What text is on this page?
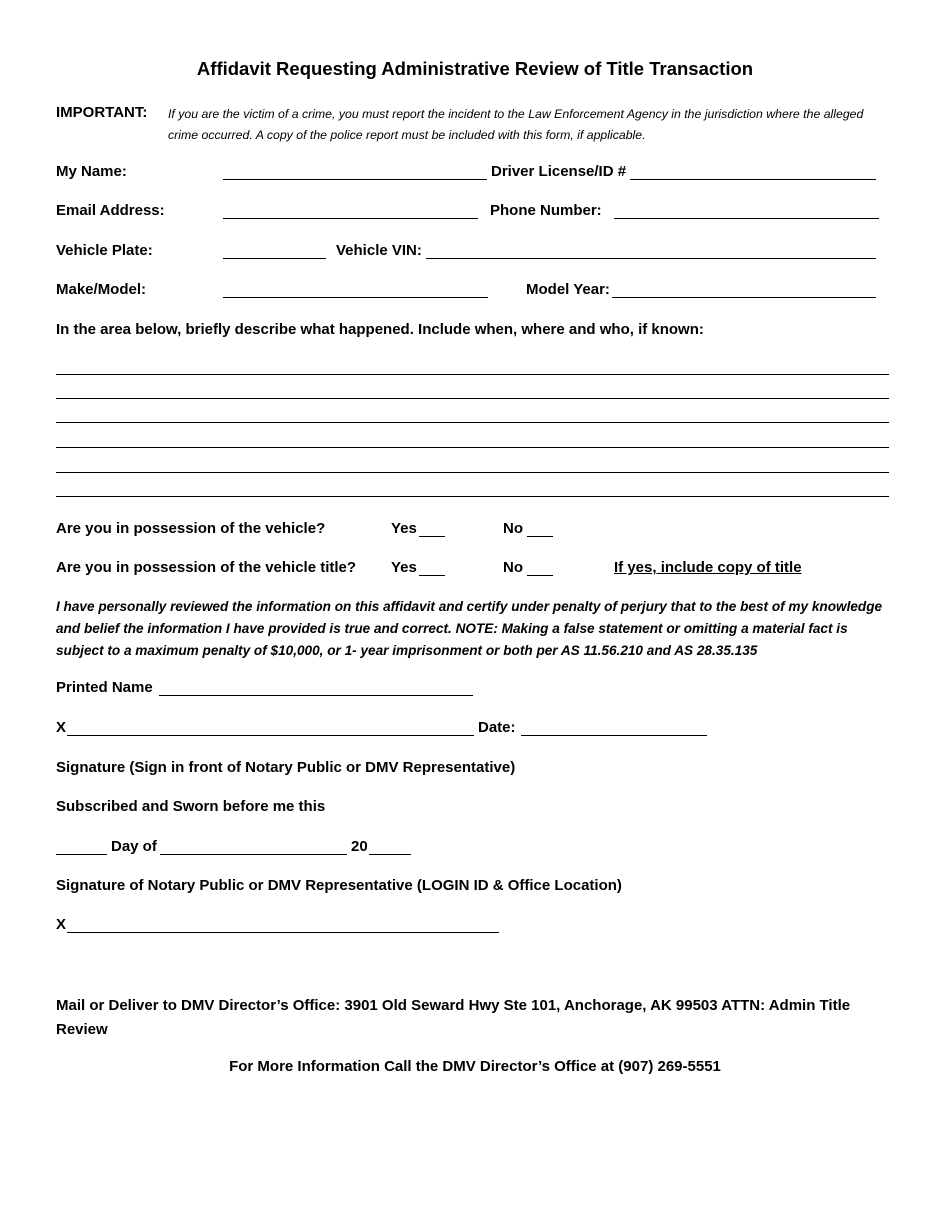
Affidavit Requesting Administrative Review of Title Transaction
IMPORTANT: If you are the victim of a crime, you must report the incident to the Law Enforcement Agency in the jurisdiction where the alleged crime occurred. A copy of the police report must be included with this form, if applicable.
My Name:	Driver License/ID #
Email Address:	Phone Number:
Vehicle Plate:	Vehicle VIN:
Make/Model:	Model Year:
In the area below, briefly describe what happened. Include when, where and who, if known:
Are you in possession of the vehicle?	Yes	No
Are you in possession of the vehicle title? Yes	No	If yes, include copy of title
I have personally reviewed the information on this affidavit and certify under penalty of perjury that to the best of my knowledge and belief the information I have provided is true and correct. NOTE: Making a false statement or omitting a material fact is subject to a maximum penalty of $10,000, or 1- year imprisonment or both per AS 11.56.210 and AS 28.35.135
Printed Name
X	Date:
Signature (Sign in front of Notary Public or DMV Representative)
Subscribed and Sworn before me this
Day of	20
Signature of Notary Public or DMV Representative (LOGIN ID & Office Location)
X
Mail or Deliver to DMV Director’s Office: 3901 Old Seward Hwy Ste 101, Anchorage, AK 99503 ATTN: Admin Title Review
For More Information Call the DMV Director’s Office at (907) 269-5551
